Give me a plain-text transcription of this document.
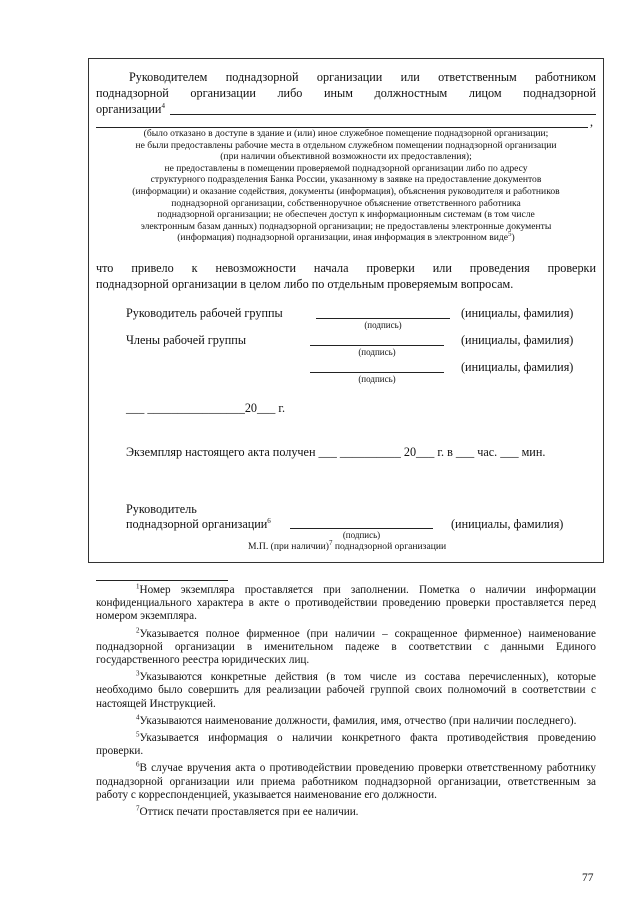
Руководителем поднадзорной организации или ответственным работником
поднадзорной организации либо иным должностным лицом поднадзорной
организации$^4$
,
(было отказано в доступе в здание и (или) иное служебное помещение поднадзорной организации;
не были предоставлены рабочие места в отдельном служебном помещении поднадзорной организации
(при наличии объективной возможности их предоставления);
не предоставлены в помещении проверяемой поднадзорной организации либо по адресу
структурного подразделения Банка России, указанному в заявке на предоставление документов
(информации) и оказание содействия, документы (информация), объяснения руководителя и работников
поднадзорной организации, собственноручное объяснение ответственного работника
поднадзорной организации; не обеспечен доступ к информационным системам (в том числе
электронным базам данных) поднадзорной организации; не предоставлены электронные документы
(информация) поднадзорной организации, иная информация в электронном виде$^5$)
что привело к невозможности начала проверки или проведения проверки
поднадзорной организации в целом либо по отдельным проверяемым вопросам.
Руководитель рабочей группы
(подпись)
(инициалы, фамилия)
Члены рабочей группы
(подпись)
(инициалы, фамилия)
(подпись)
(инициалы, фамилия)
___ ________________20___ г.
Экземпляр настоящего акта получен ___ __________ 20___ г. в ___ час. ___ мин.
Руководитель
поднадзорной организации$^6$
(подпись)
(инициалы, фамилия)
М.П. (при наличии)$^7$ поднадзорной организации

$^1$Номер экземпляра проставляется при заполнении. Пометка о наличии информации конфиденциального характера в акте о противодействии проведению проверки проставляется перед номером экземпляра.

$^2$Указывается полное фирменное (при наличии – сокращенное фирменное) наименование поднадзорной организации в именительном падеже в соответствии с данными Единого государственного реестра юридических лиц.

$^3$Указываются конкретные действия (в том числе из состава перечисленных), которые необходимо было совершить для реализации рабочей группой своих полномочий в соответствии с настоящей Инструкцией.

$^4$Указываются наименование должности, фамилия, имя, отчество (при наличии последнего).

$^5$Указывается информация о наличии конкретного факта противодействия проведению проверки.

$^6$В случае вручения акта о противодействии проведению проверки ответственному работнику поднадзорной организации или приема работником поднадзорной организации, ответственным за работу с корреспонденцией, указывается наименование его должности.

$^7$Оттиск печати проставляется при ее наличии.

77
